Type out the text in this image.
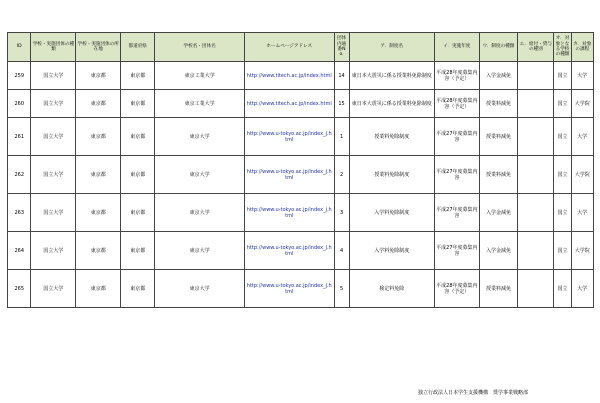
ID	学校・実施団体の種類	学校・実施団体の所在地	都道府県	学校名・団体名	ホームページアドレス	団体内通番No.	ア．制度名	イ．実施年度	ウ．制度の種類	エ．給付・貸与の種別	オ．対象となる学校の種類	カ．対象の課程
259	国立大学	東京都	東京都	東京工業大学	http://www.titech.ac.jp/index.html	14	東日本大震災に係る授業料免除制度	平成28年度募集内容（予定）	入学金減免		国立	大学
260	国立大学	東京都	東京都	東京工業大学	http://www.titech.ac.jp/index.html	15	東日本大震災に係る授業料免除制度	平成28年度募集内容（予定）	授業料減免		国立	大学院
261	国立大学	東京都	東京都	東京大学	http://www.u-tokyo.ac.jp/index_j.html	1	授業料免除制度	平成27年度募集内容	授業料減免		国立	大学
262	国立大学	東京都	東京都	東京大学	http://www.u-tokyo.ac.jp/index_j.html	2	授業料免除制度	平成27年度募集内容	授業料減免		国立	大学院
263	国立大学	東京都	東京都	東京大学	http://www.u-tokyo.ac.jp/index_j.html	3	入学料免除制度	平成27年度募集内容	入学金減免		国立	大学
264	国立大学	東京都	東京都	東京大学	http://www.u-tokyo.ac.jp/index_j.html	4	入学料免除制度	平成27年度募集内容	入学金減免		国立	大学院
265	国立大学	東京都	東京都	東京大学	http://www.u-tokyo.ac.jp/index_j.html	5	検定料免除	平成28年度募集内容（予定）	授業料減免		国立	大学
独立行政法人日本学生支援機構　奨学事業戦略部
